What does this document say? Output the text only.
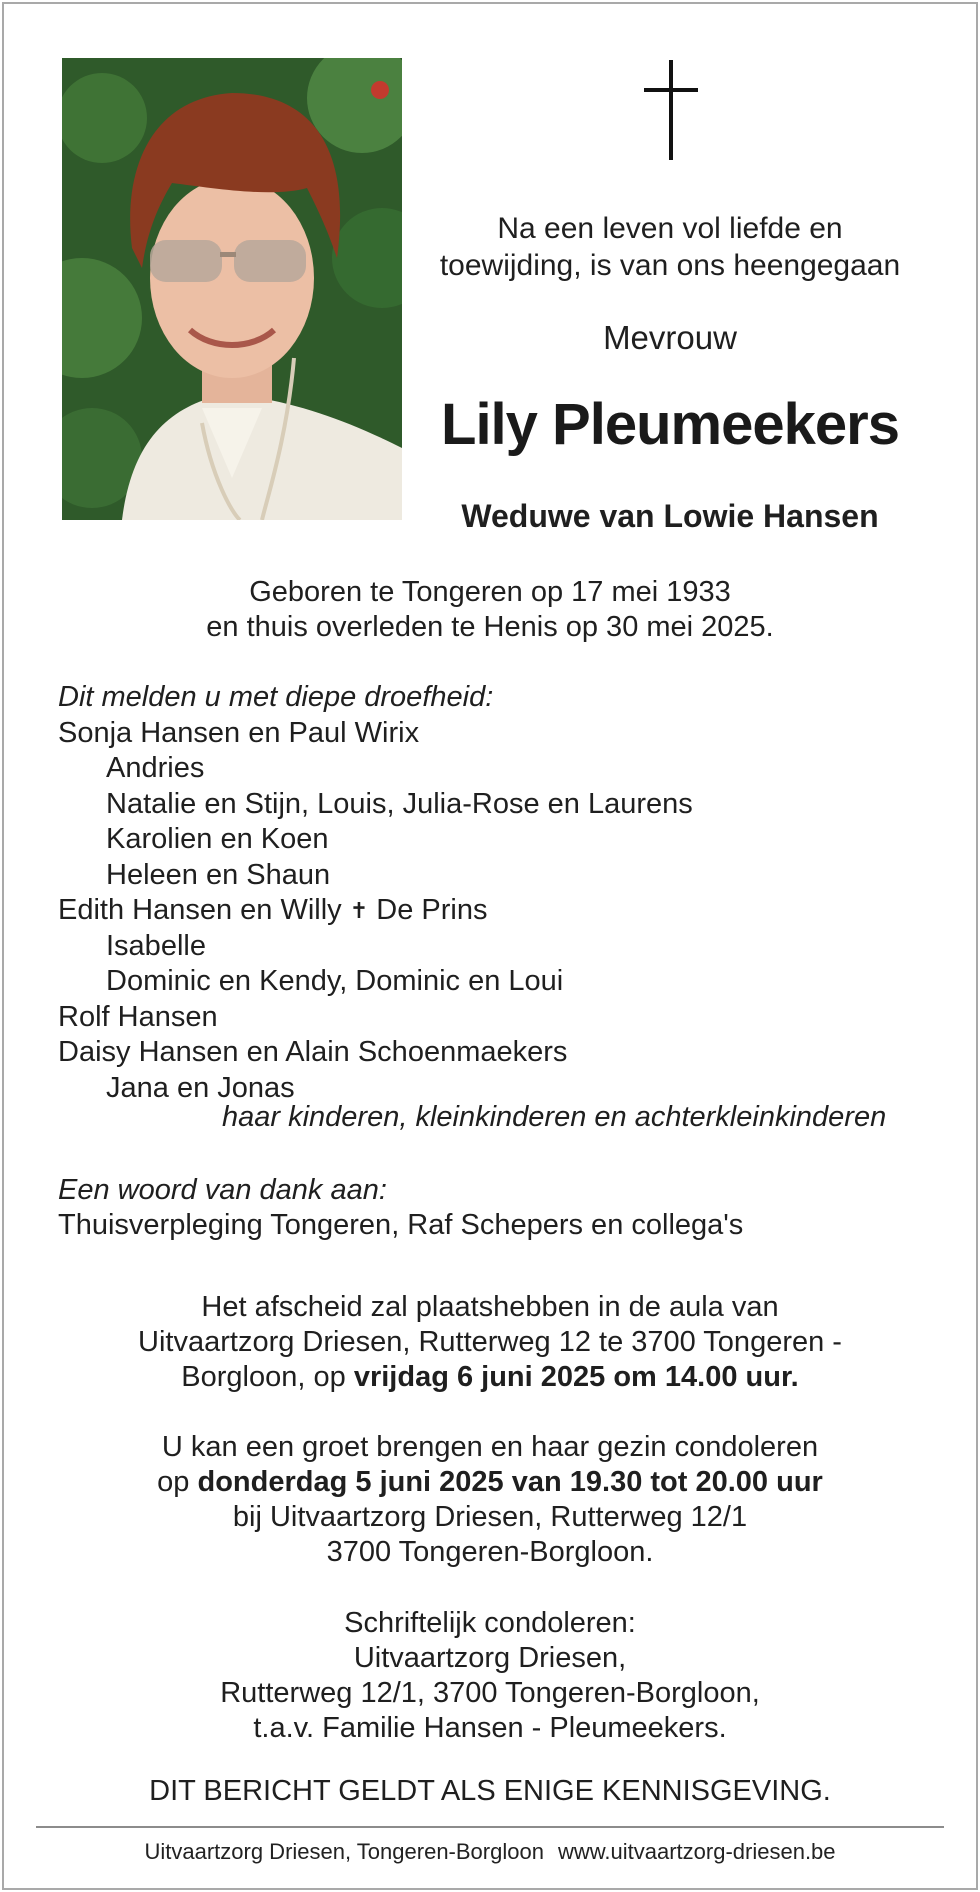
Na een leven vol liefde en
toewijding, is van ons heengegaan
Mevrouw
Lily Pleumeekers
Weduwe van Lowie Hansen
Geboren te Tongeren op 17 mei 1933
en thuis overleden te Henis op 30 mei 2025.
Dit melden u met diepe droefheid:
Sonja Hansen en Paul Wirix
Andries
Natalie en Stijn, Louis, Julia-Rose en Laurens
Karolien en Koen
Heleen en Shaun
Edith Hansen en Willy ✝ De Prins
Isabelle
Dominic en Kendy, Dominic en Loui
Rolf Hansen
Daisy Hansen en Alain Schoenmaekers
Jana en Jonas
haar kinderen, kleinkinderen en achterkleinkinderen
Een woord van dank aan:
Thuisverpleging Tongeren, Raf Schepers en collega's
Het afscheid zal plaatshebben in de aula van
Uitvaartzorg Driesen, Rutterweg 12 te 3700 Tongeren -
Borgloon, op vrijdag 6 juni 2025 om 14.00 uur.
U kan een groet brengen en haar gezin condoleren
op donderdag 5 juni 2025 van 19.30 tot 20.00 uur
bij Uitvaartzorg Driesen, Rutterweg 12/1
3700 Tongeren-Borgloon.
Schriftelijk condoleren:
Uitvaartzorg Driesen,
Rutterweg 12/1, 3700 Tongeren-Borgloon,
t.a.v. Familie Hansen - Pleumeekers.
DIT BERICHT GELDT ALS ENIGE KENNISGEVING.
Uitvaartzorg Driesen, Tongeren-Borgloon www.uitvaartzorg-driesen.be
